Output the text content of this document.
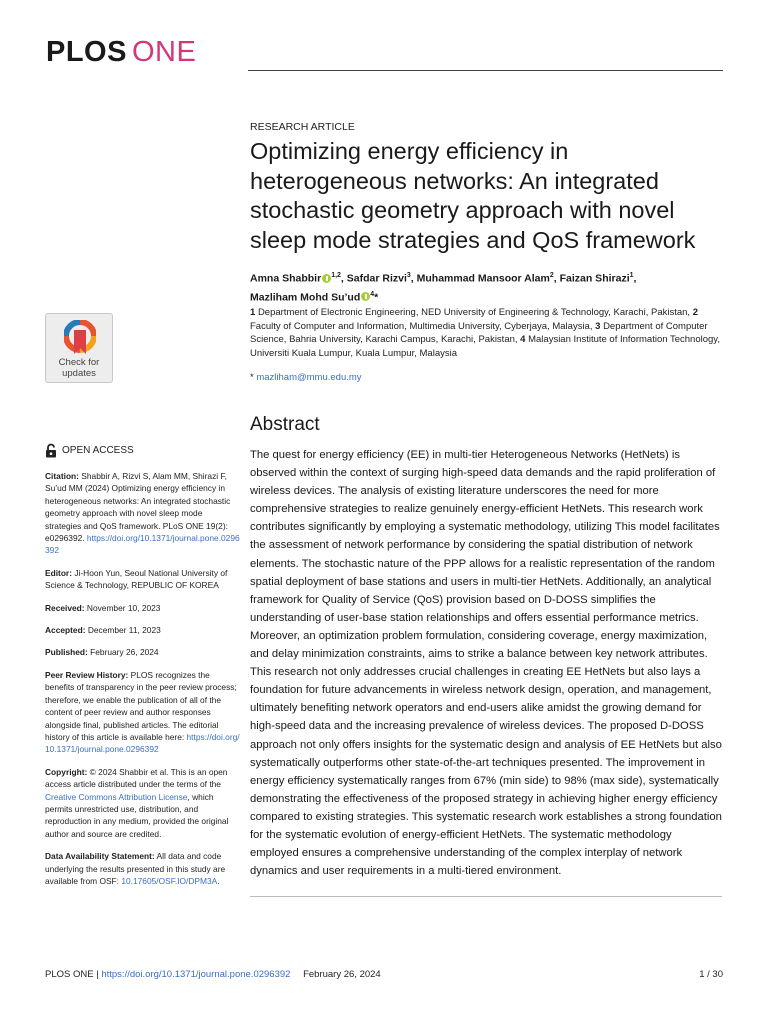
PLOS ONE
RESEARCH ARTICLE
Optimizing energy efficiency in heterogeneous networks: An integrated stochastic geometry approach with novel sleep mode strategies and QoS framework
Amna Shabbir $^{1,2}$, Safdar Rizvi$^3$, Muhammad Mansoor Alam$^2$, Faizan Shirazi$^1$,
Mazliham Mohd Su’ud $^4$*
1 Department of Electronic Engineering, NED University of Engineering & Technology, Karachi, Pakistan, 2 Faculty of Computer and Information, Multimedia University, Cyberjaya, Malaysia, 3 Department of Computer Science, Bahria University, Karachi Campus, Karachi, Pakistan, 4 Malaysian Institute of Information Technology, Universiti Kuala Lumpur, Kuala Lumpur, Malaysia
* mazliham@mmu.edu.my
Abstract

The quest for energy efficiency (EE) in multi-tier Heterogeneous Networks (HetNets) is observed within the context of surging high-speed data demands and the rapid proliferation of wireless devices. The analysis of existing literature underscores the need for more comprehensive strategies to realize genuinely energy-efficient HetNets. This research work contributes significantly by employing a systematic methodology, utilizing This model facilitates the assessment of network performance by considering the spatial distribution of network elements. The stochastic nature of the PPP allows for a realistic representation of the random spatial deployment of base stations and users in multi-tier HetNets. Additionally, an analytical framework for Quality of Service (QoS) provision based on D-DOSS simplifies the understanding of user-base station relationships and offers essential performance metrics. Moreover, an optimization problem formulation, considering coverage, energy maximization, and delay minimization constraints, aims to strike a balance between key network attributes. This research not only addresses crucial challenges in creating EE HetNets but also lays a foundation for future advancements in wireless network design, operation, and management, ultimately benefiting network operators and end-users alike amidst the growing demand for high-speed data and the increasing prevalence of wireless devices. The proposed D-DOSS approach not only offers insights for the systematic design and analysis of EE HetNets but also systematically outperforms other state-of-the-art techniques presented. The improvement in energy efficiency systematically ranges from 67% (min side) to 98% (max side), systematically demonstrating the effectiveness of the proposed strategy in achieving higher energy efficiency compared to existing strategies. This systematic research work establishes a strong foundation for the systematic evolution of energy-efficient HetNets. The systematic methodology employed ensures a comprehensive understanding of the complex interplay of network dynamics and user requirements in a multi-tiered environment.

Check for
updates
OPEN ACCESS
Citation: Shabbir A, Rizvi S, Alam MM, Shirazi F, Su’ud MM (2024) Optimizing energy efficiency in heterogeneous networks: An integrated stochastic geometry approach with novel sleep mode strategies and QoS framework. PLoS ONE 19(2): e0296392. https://doi.org/10.1371/journal.pone.0296392
Editor: Ji-Hoon Yun, Seoul National University of Science & Technology, REPUBLIC OF KOREA
Received: November 10, 2023
Accepted: December 11, 2023
Published: February 26, 2024
Peer Review History: PLOS recognizes the benefits of transparency in the peer review process; therefore, we enable the publication of all of the content of peer review and author responses alongside final, published articles. The editorial history of this article is available here: https://doi.org/10.1371/journal.pone.0296392
Copyright: © 2024 Shabbir et al. This is an open access article distributed under the terms of the Creative Commons Attribution License, which permits unrestricted use, distribution, and reproduction in any medium, provided the original author and source are credited.
Data Availability Statement: All data and code underlying the results presented in this study are available from OSF: 10.17605/OSF.IO/DPM3A.
PLOS ONE | https://doi.org/10.1371/journal.pone.0296392 February 26, 2024	1 / 30
